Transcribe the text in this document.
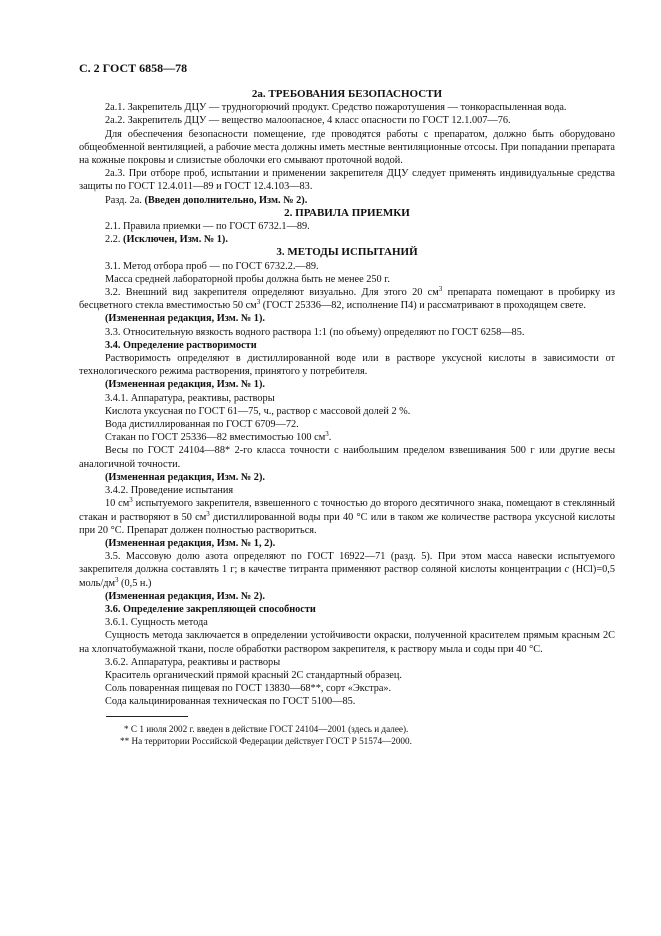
С. 2 ГОСТ 6858—78

2а. ТРЕБОВАНИЯ БЕЗОПАСНОСТИ

2а.1. Закрепитель ДЦУ — трудногорючий продукт. Средство пожаротушения — тонкораспыленная вода.

2а.2. Закрепитель ДЦУ — вещество малоопасное, 4 класс опасности по ГОСТ 12.1.007—76.

Для обеспечения безопасности помещение, где проводятся работы с препаратом, должно быть оборудовано общеобменной вентиляцией, а рабочие места должны иметь местные вентиляционные отсосы. При попадании препарата на кожные покровы и слизистые оболочки его смывают проточной водой.

2а.3. При отборе проб, испытании и применении закрепителя ДЦУ следует применять индивидуальные средства защиты по ГОСТ 12.4.011—89 и ГОСТ 12.4.103—83.

Разд. 2а. (Введен дополнительно, Изм. № 2).

2. ПРАВИЛА ПРИЕМКИ

2.1. Правила приемки — по ГОСТ 6732.1—89.

2.2. (Исключен, Изм. № 1).

3. МЕТОДЫ ИСПЫТАНИЙ

3.1. Метод отбора проб — по ГОСТ 6732.2.—89.

Масса средней лабораторной пробы должна быть не менее 250 г.

3.2. Внешний вид закрепителя определяют визуально. Для этого 20 $см^3$ препарата помещают в пробирку из бесцветного стекла вместимостью 50 $см^3$ (ГОСТ 25336—82, исполнение П4) и рассматривают в проходящем свете.

(Измененная редакция, Изм. № 1).

3.3. Относительную вязкость водного раствора 1:1 (по объему) определяют по ГОСТ 6258—85.

3.4. Определение растворимости

Растворимость определяют в дистиллированной воде или в растворе уксусной кислоты в зависимости от технологического режима растворения, принятого у потребителя.

(Измененная редакция, Изм. № 1).

3.4.1. Аппаратура, реактивы, растворы

Кислота уксусная по ГОСТ 61—75, ч., раствор с массовой долей 2 %.

Вода дистиллированная по ГОСТ 6709—72.

Стакан по ГОСТ 25336—82 вместимостью 100 $см^3$.

Весы по ГОСТ 24104—88* 2-го класса точности с наибольшим пределом взвешивания 500 г или другие весы аналогичной точности.

(Измененная редакция, Изм. № 2).

3.4.2. Проведение испытания

10 $см^3$ испытуемого закрепителя, взвешенного с точностью до второго десятичного знака, помещают в стеклянный стакан и растворяют в 50 $см^3$ дистиллированной воды при 40 °С или в таком же количестве раствора уксусной кислоты при 20 °С. Препарат должен полностью раствориться.

(Измененная редакция, Изм. № 1, 2).

3.5. Массовую долю азота определяют по ГОСТ 16922—71 (разд. 5). При этом масса навески испытуемого закрепителя должна составлять 1 г; в качестве титранта применяют раствор соляной кислоты концентрации c (HCl)=0,5 моль/$дм^3$ (0,5 н.)

(Измененная редакция, Изм. № 2).

3.6. Определение закрепляющей способности

3.6.1. Сущность метода

Сущность метода заключается в определении устойчивости окраски, полученной красителем прямым красным 2С на хлопчатобумажной ткани, после обработки раствором закрепителя, к раствору мыла и соды при 40 °С.

3.6.2. Аппаратура, реактивы и растворы

Краситель органический прямой красный 2С стандартный образец.

Соль поваренная пищевая по ГОСТ 13830—68**, сорт «Экстра».

Сода кальцинированная техническая по ГОСТ 5100—85.

* С 1 июля 2002 г. введен в действие ГОСТ 24104—2001 (здесь и далее).

** На территории Российской Федерации действует ГОСТ Р 51574—2000.
